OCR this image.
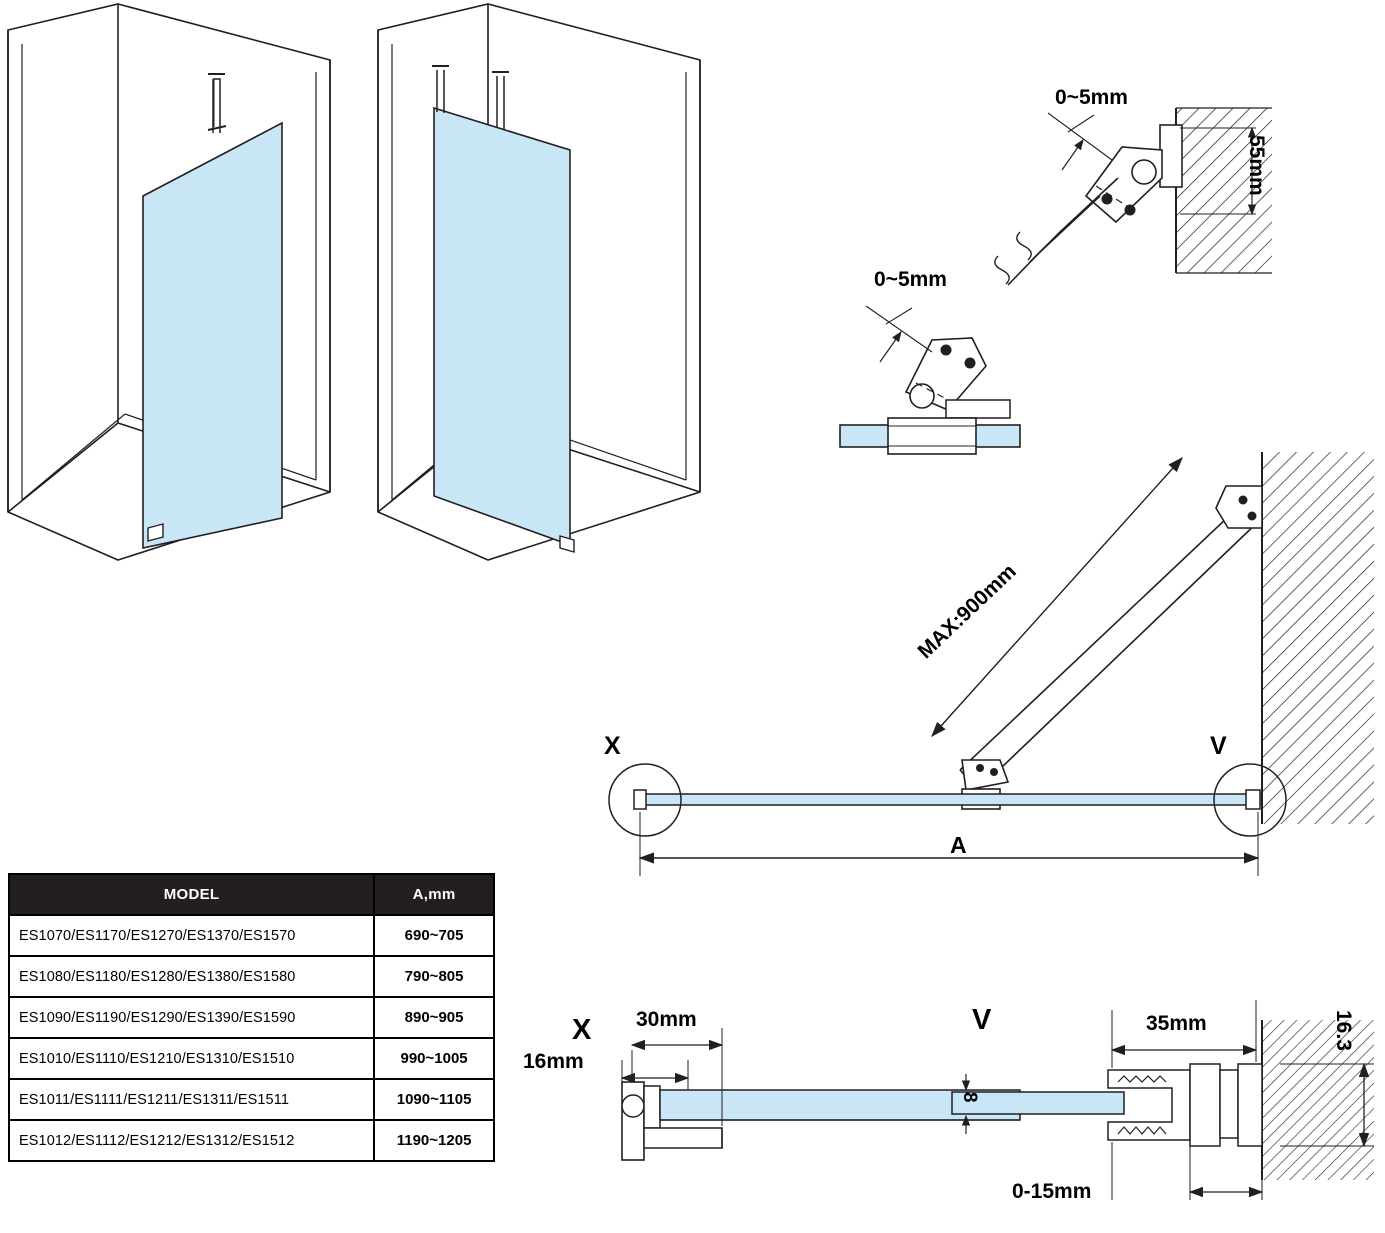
0~5mm
55mm
0~5mm
MAX:900mm
A
X	V
X	V
30mm
16mm
35mm	16.3
8
0-15mm
MODEL	A,mm
ES1070/ES1170/ES1270/ES1370/ES1570	690~705
ES1080/ES1180/ES1280/ES1380/ES1580	790~805
ES1090/ES1190/ES1290/ES1390/ES1590	890~905
ES1010/ES1110/ES1210/ES1310/ES1510	990~1005
ES1011/ES1111/ES1211/ES1311/ES1511	1090~1105
ES1012/ES1112/ES1212/ES1312/ES1512	1190~1205
